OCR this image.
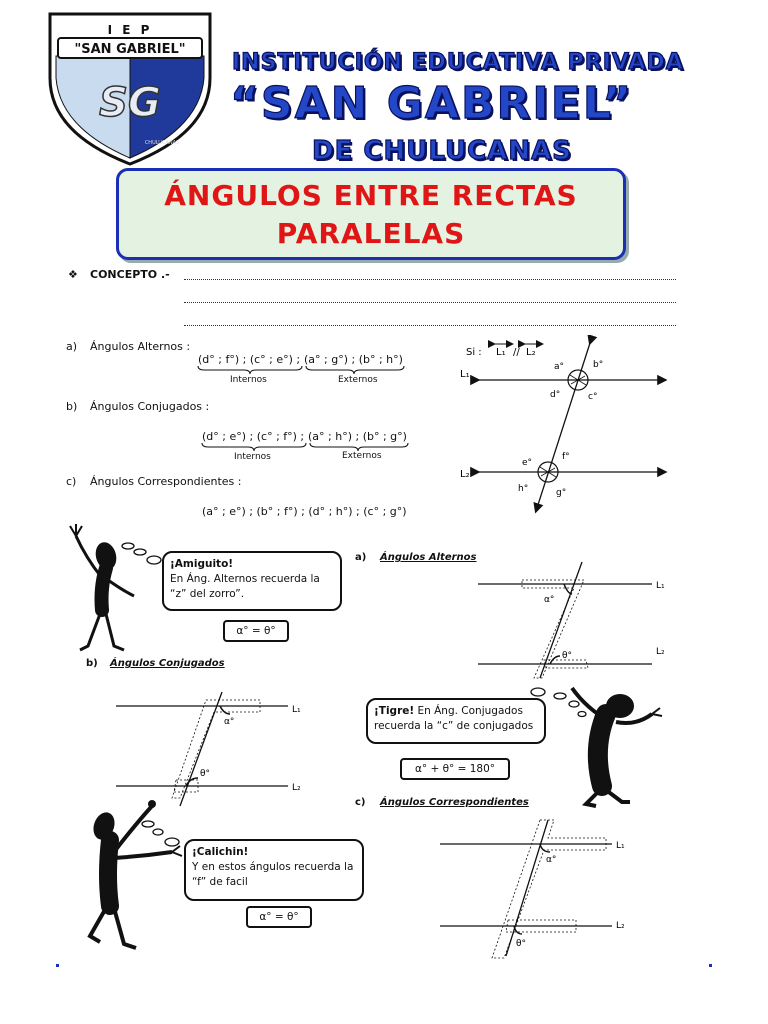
SG
I E P
"SAN GABRIEL"
CHULUCANAS
INSTITUCIÓN EDUCATIVA PRIVADA
“SAN GABRIEL”
DE CHULUCANAS
ÁNGULOS ENTRE RECTAS
PARALELAS
❖ CONCEPTO .-
a) Ángulos Alternos :
(d° ; f°) ; (c° ; e°) ; (a° ; g°) ; (b° ; h°)
Internos	Externos
b) Ángulos Conjugados :
(d° ; e°) ; (c° ; f°) ; (a° ; h°) ; (b° ; g°)
Internos	Externos
c) Ángulos Correspondientes :
(a° ; e°) ; (b° ; f°) ; (d° ; h°) ; (c° ; g°)
Si : L₁ // L₂
L₁
L₂
a°	b°
c°
d°
e°
f°
g°
h°
¡Amiguito!
En Áng. Alternos recuerda la “z” del zorro”.
α° = θ°
a) Ángulos Alternos
L₁
L₂
α°
θ°
b) Ángulos Conjugados
L₁
L₂
α°
θ°
¡Tigre! En Áng. Conjugados recuerda la “c” de conjugados
α° + θ° = 180°
c) Ángulos Correspondientes
L₁
L₂
α°
θ°
¡Calichin!
Y en estos ángulos recuerda la “f” de facil
α° = θ°
